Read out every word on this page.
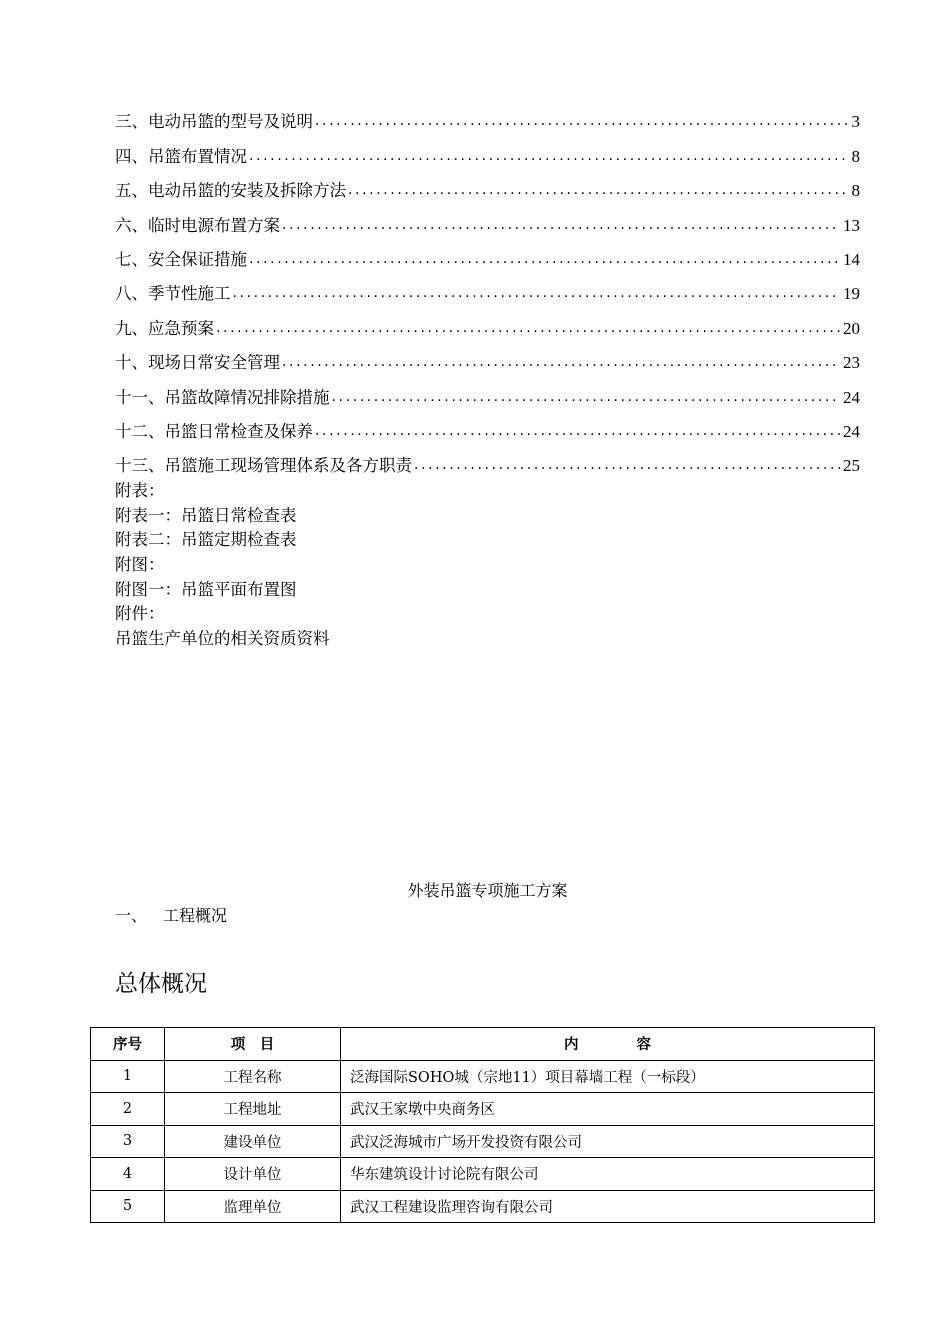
三、电动吊篮的型号及说明 .....	3
四、吊篮布置情况 .....	8
五、电动吊篮的安装及拆除方法 .....	8
六、临时电源布置方案 .....	13
七、安全保证措施 .....	14
八、季节性施工 .....	19
九、应急预案 .....	20
十、现场日常安全管理 .....	23
十一、吊篮故障情况排除措施 .....	24
十二、吊篮日常检查及保养 .....	24
十三、吊篮施工现场管理体系及各方职责 .....	25
附表：
附表一：吊篮日常检查表
附表二：吊篮定期检查表
附图：
附图一：吊篮平面布置图
附件：
吊篮生产单位的相关资质资料
外装吊篮专项施工方案
一、 工程概况
总体概况
序号	项　目	内　　　　容
1	工程名称	泛海国际SOHO城（宗地11）项目幕墙工程（一标段）
2	工程地址	武汉王家墩中央商务区
3	建设单位	武汉泛海城市广场开发投资有限公司
4	设计单位	华东建筑设计讨论院有限公司
5	监理单位	武汉工程建设监理咨询有限公司
